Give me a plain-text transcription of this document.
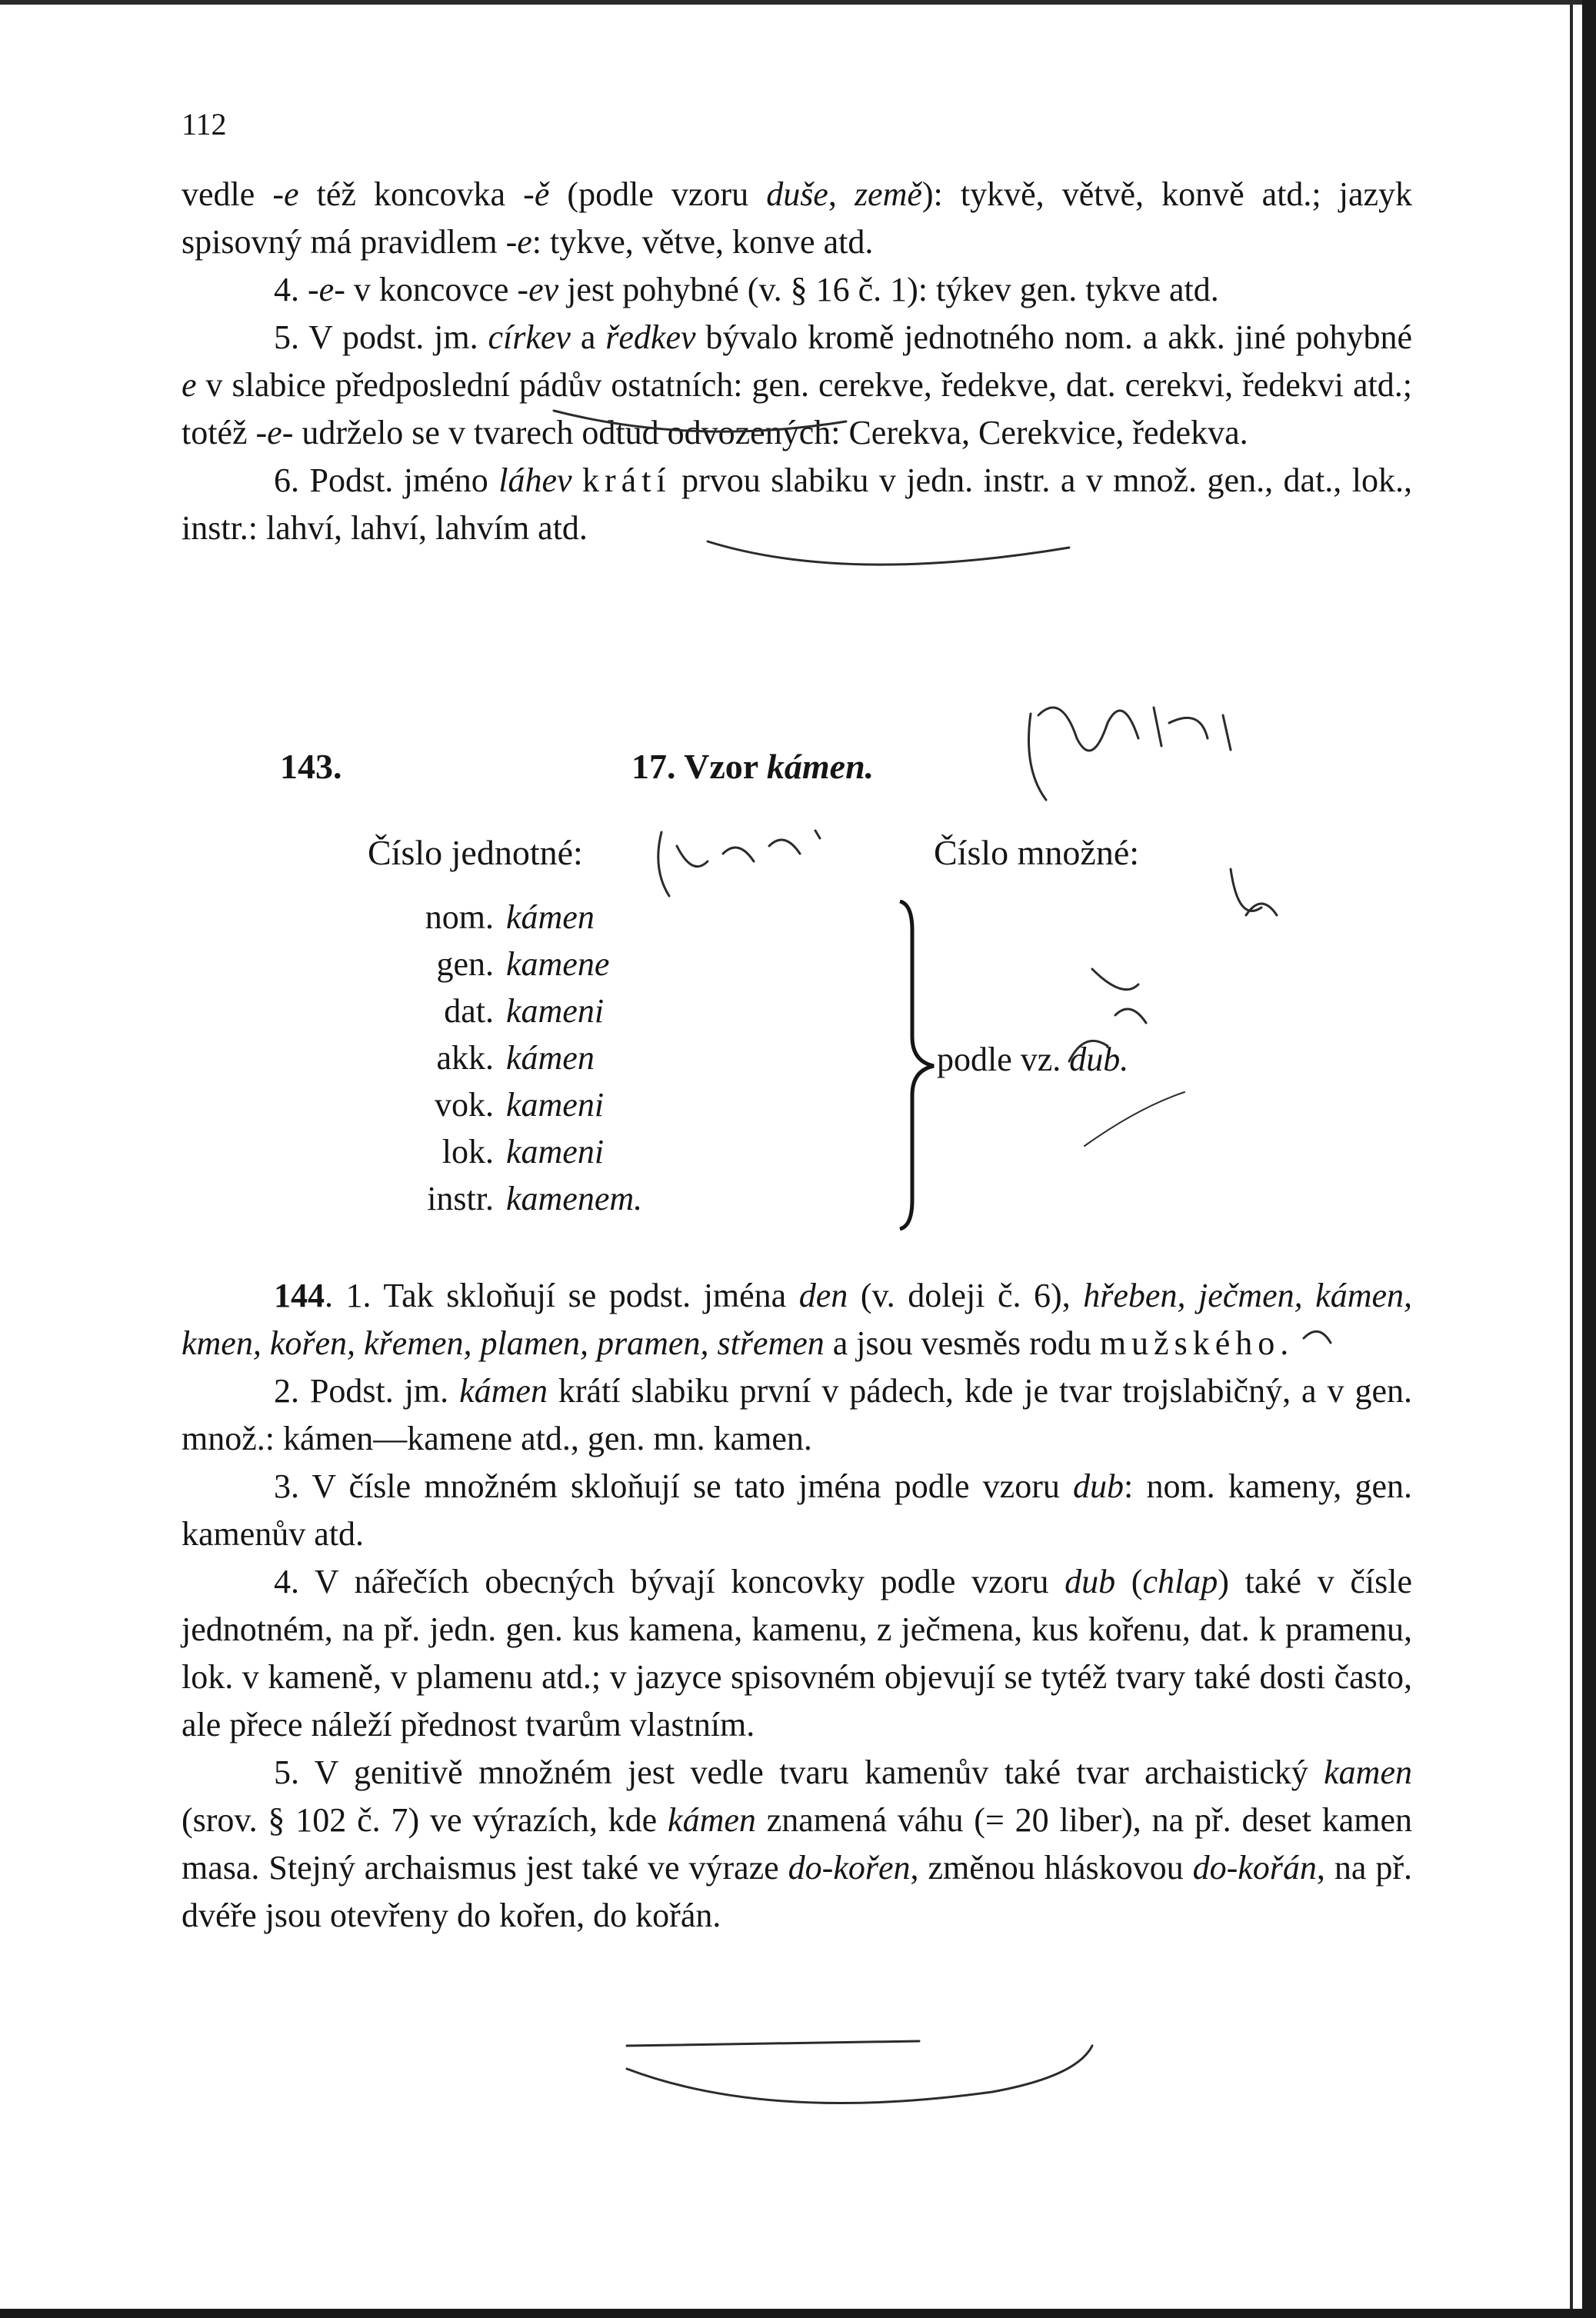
112

vedle -e též koncovka -ě (podle vzoru duše, země): tykvě, větvě, konvě atd.; jazyk spisovný má pravidlem -e: tykve, větve, konve atd.

4. -e- v koncovce -ev jest pohybné (v. § 16 č. 1): týkev gen. tykve atd.

5. V podst. jm. církev a ředkev bývalo kromě jednotného nom. a akk. jiné pohybné e v slabice předposlední pádův ostatních: gen. cerekve, ředekve, dat. cerekvi, ředekvi atd.; totéž -e- udrželo se v tvarech odtud odvozených: Cerekva, Cerekvice, ředekva.

6. Podst. jméno láhev krátí prvou slabiku v jedn. instr. a v množ. gen., dat., lok., instr.: lahví, lahví, lahvím atd.

143.	17. Vzor kámen.
Číslo jednotné:	Číslo množné:
nom. kámen
gen. kamene
dat. kameni
akk. kámen
vok. kameni
lok. kameni
instr. kamenem.
podle vz. dub.

144. 1. Tak skloňují se podst. jména den (v. doleji č. 6), hřeben, ječmen, kámen, kmen, kořen, křemen, plamen, pramen, střemen a jsou vesměs rodu mužského.

2. Podst. jm. kámen krátí slabiku první v pádech, kde je tvar trojslabičný, a v gen. množ.: kámen—kamene atd., gen. mn. kamen.

3. V čísle množném skloňují se tato jména podle vzoru dub: nom. kameny, gen. kamenův atd.

4. V nářečích obecných bývají koncovky podle vzoru dub (chlap) také v čísle jednotném, na př. jedn. gen. kus kamena, kamenu, z ječmena, kus kořenu, dat. k pramenu, lok. v kameně, v plamenu atd.; v jazyce spisovném objevují se tytéž tvary také dosti často, ale přece náleží přednost tvarům vlastním.

5. V genitivě množném jest vedle tvaru kamenův také tvar archaistický kamen (srov. § 102 č. 7) ve výrazích, kde kámen znamená váhu (= 20 liber), na př. deset kamen masa. Stejný archaismus jest také ve výraze do-kořen, změnou hláskovou do-kořán, na př. dvéře jsou otevřeny do kořen, do kořán.
